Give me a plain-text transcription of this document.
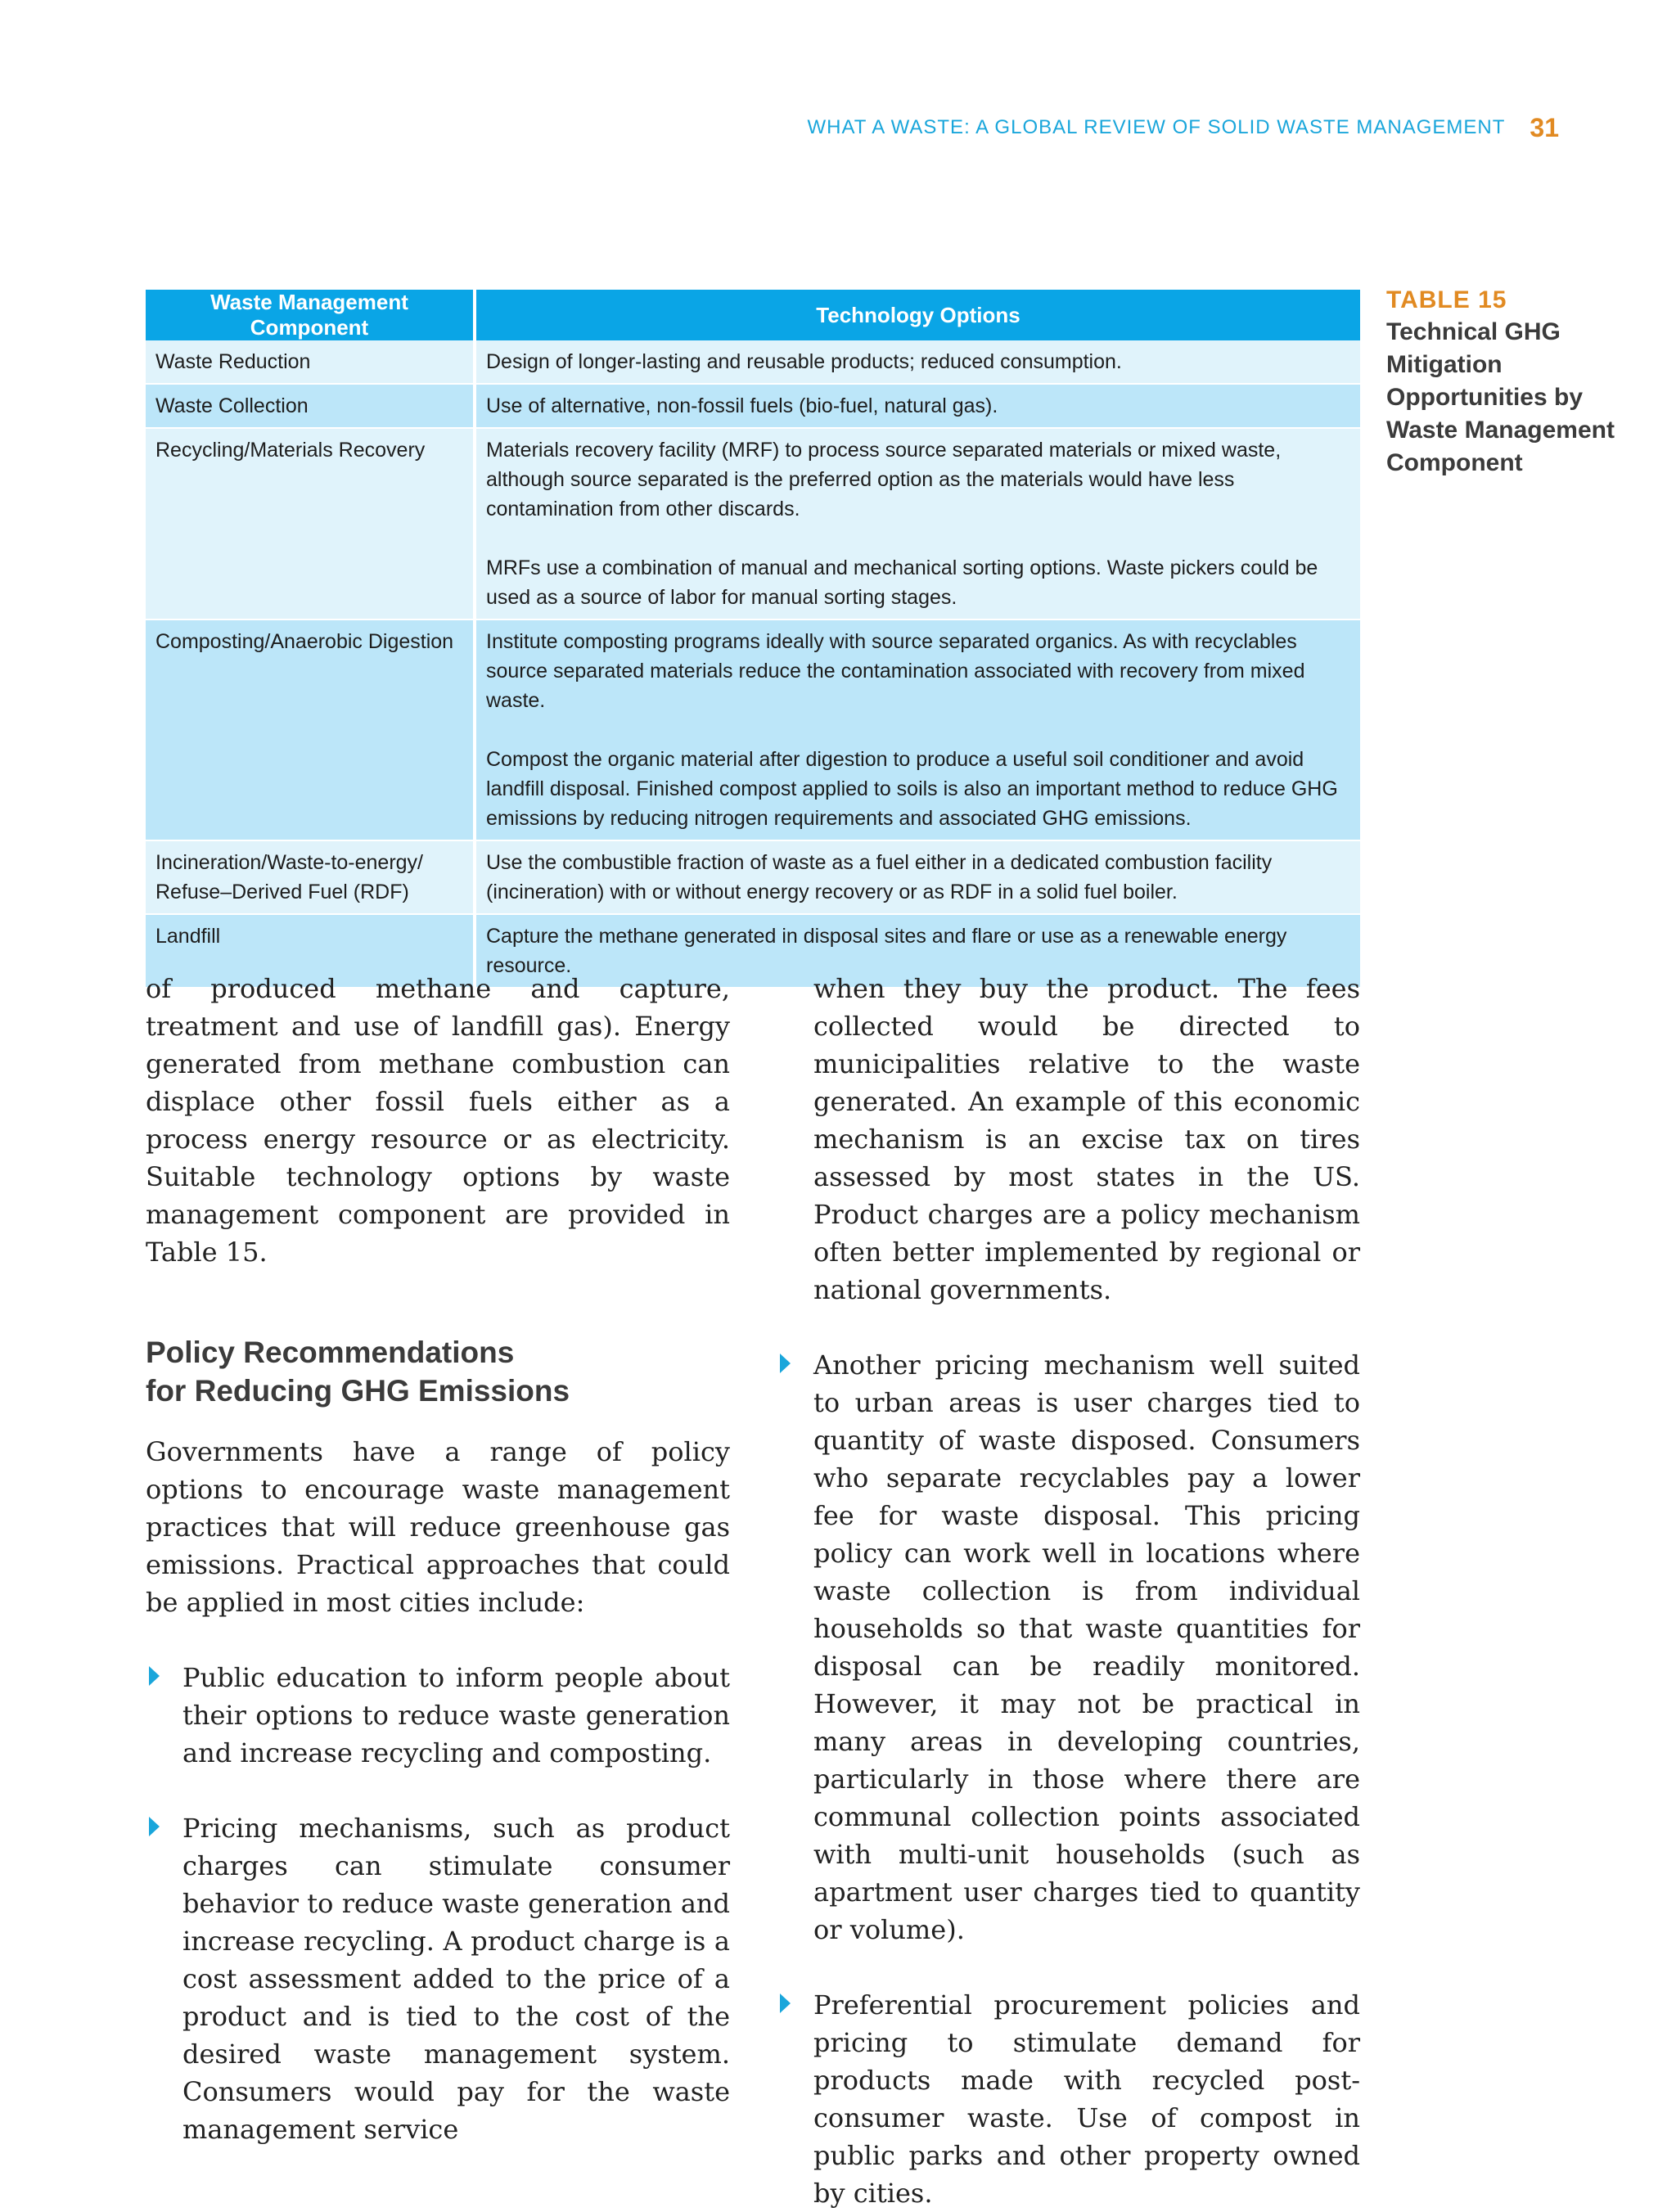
WHAT A WASTE: A GLOBAL REVIEW OF SOLID WASTE MANAGEMENT 31
Waste Management Component	Technology Options
Waste Reduction	Design of longer-lasting and reusable products; reduced consumption.

Waste Collection	Use of alternative, non-fossil fuels (bio-fuel, natural gas).

Recycling/Materials Recovery	Materials recovery facility (MRF) to process source separated materials or mixed waste, although source separated is the preferred option as the materials would have less contamination from other discards.
MRFs use a combination of manual and mechanical sorting options. Waste pickers could be used as a source of labor for manual sorting stages.

Composting/Anaerobic Digestion	Institute composting programs ideally with source separated organics. As with recyclables source separated materials reduce the contamination associated with recovery from mixed waste.
Compost the organic material after digestion to produce a useful soil conditioner and avoid landfill disposal. Finished compost applied to soils is also an important method to reduce GHG emissions by reducing nitrogen requirements and associated GHG emissions.

Incineration/Waste-to-energy/ Refuse–Derived Fuel (RDF)	Use the combustible fraction of waste as a fuel either in a dedicated combustion facility (incineration) with or without energy recovery or as RDF in a solid fuel boiler.

Landfill	Capture the methane generated in disposal sites and flare or use as a renewable energy resource.
TABLE 15
Technical GHG Mitigation Opportunities by Waste Management Component

of produced methane and capture, treatment and use of landfill gas). Energy generated from methane combustion can displace other fossil fuels either as a process energy resource or as electricity. Suitable technology options by waste management component are provided in Table 15.

Policy Recommendations
for Reducing GHG Emissions

Governments have a range of policy options to encourage waste management practices that will reduce greenhouse gas emissions. Practical approaches that could be applied in most cities include:

Public education to inform people about their options to reduce waste generation and increase recycling and composting.
Pricing mechanisms, such as product charges can stimulate consumer behavior to reduce waste generation and increase recycling. A product charge is a cost assessment added to the price of a product and is tied to the cost of the desired waste management system. Consumers would pay for the waste management service

when they buy the product. The fees collected would be directed to municipalities relative to the waste generated. An example of this economic mechanism is an excise tax on tires assessed by most states in the US. Product charges are a policy mechanism often better implemented by regional or national governments.

Another pricing mechanism well suited to urban areas is user charges tied to quantity of waste disposed. Consumers who separate recyclables pay a lower fee for waste disposal. This pricing policy can work well in locations where waste collection is from individual households so that waste quantities for disposal can be readily monitored. However, it may not be practical in many areas in developing countries, particularly in those where there are communal collection points associated with multi-unit households (such as apartment user charges tied to quantity or volume).
Preferential procurement policies and pricing to stimulate demand for products made with recycled post-consumer waste. Use of compost in public parks and other property owned by cities.
